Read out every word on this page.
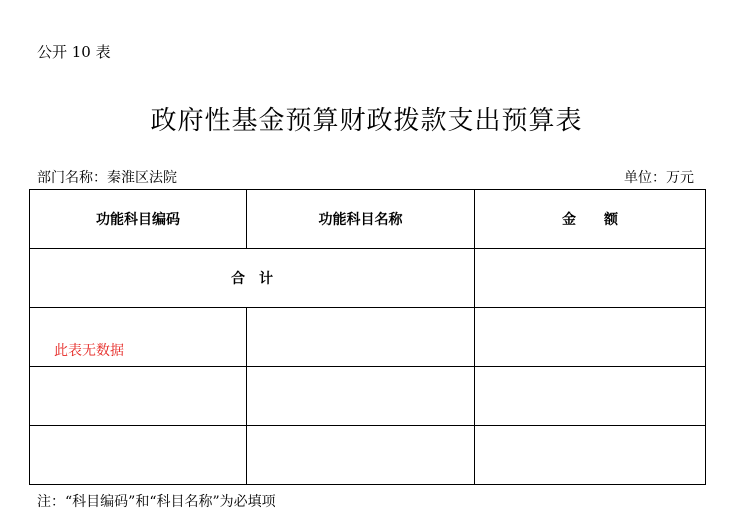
公开 10 表
政府性基金预算财政拨款支出预算表
部门名称：秦淮区法院	单位：万元
功能科目编码	功能科目名称	金　　额
合　计		

此表无数据		

注：“科目编码”和“科目名称”为必填项
